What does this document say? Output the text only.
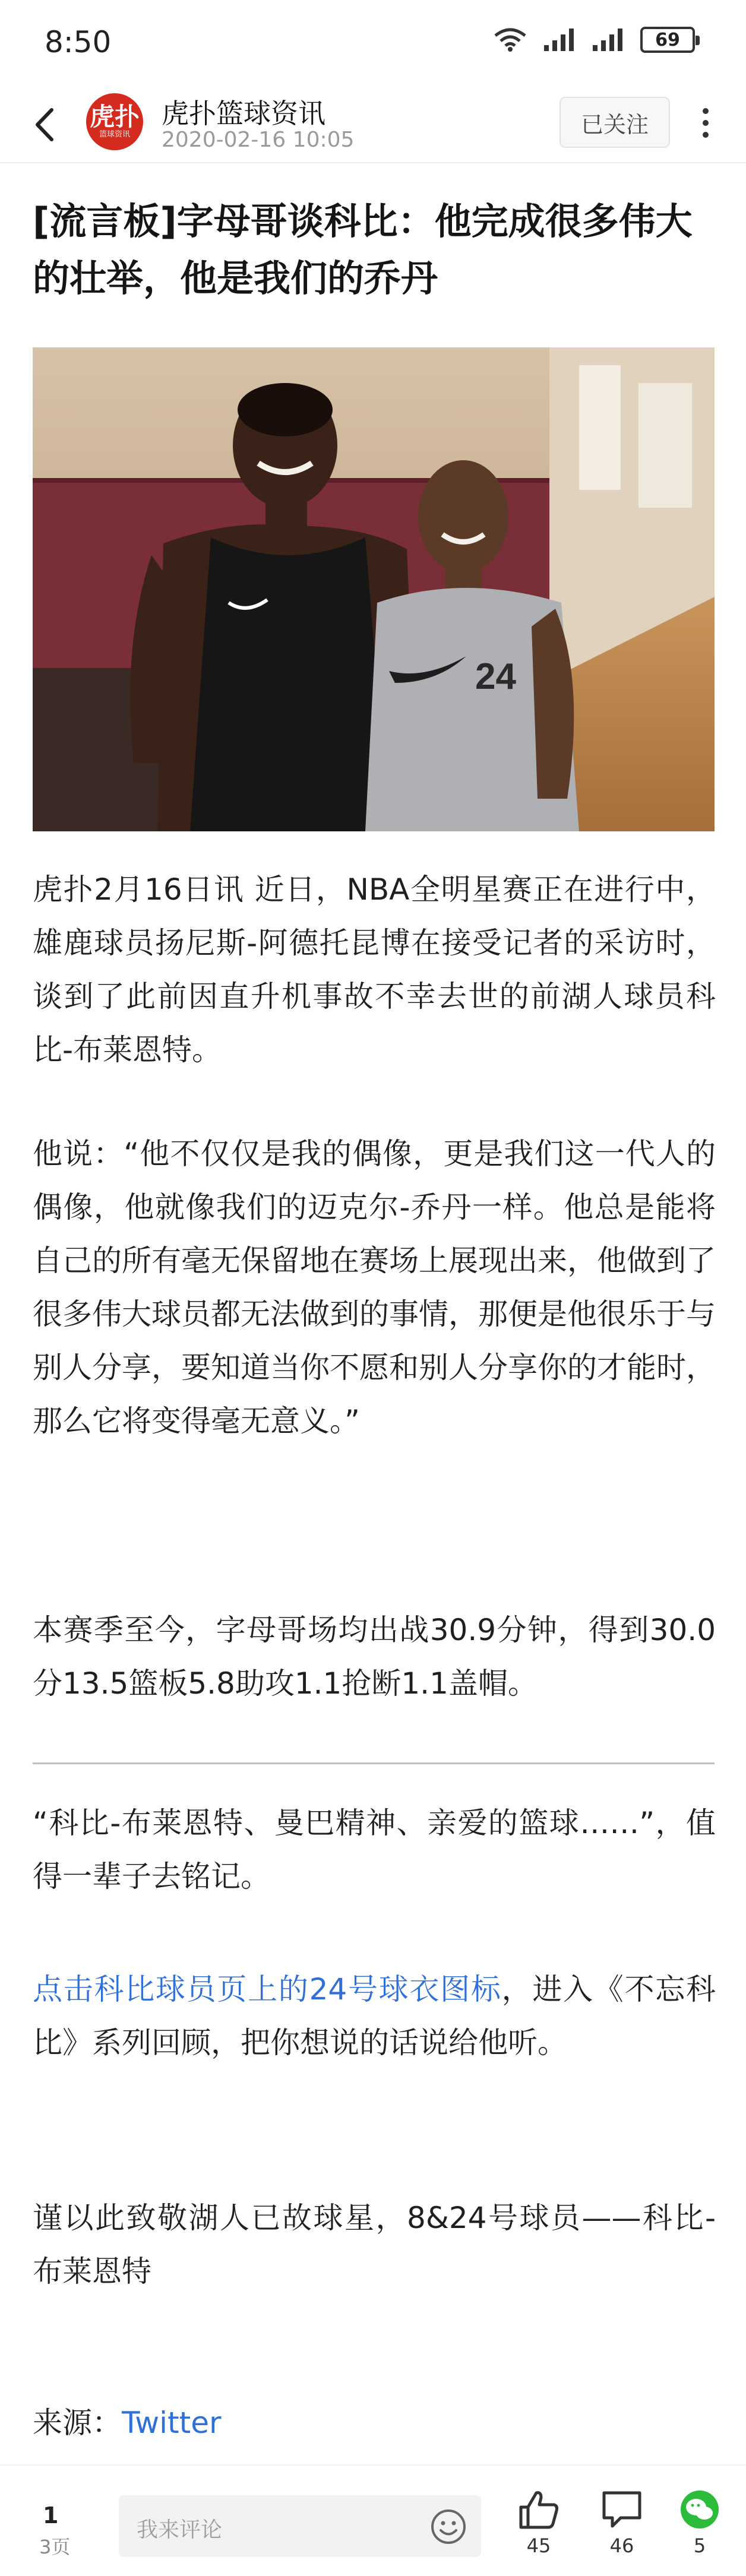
8:50	69
虎扑
篮球资讯
虎扑篮球资讯
2020-02-16 10:05
已关注
[流言板]字母哥谈科比：他完成很多伟大的壮举，他是我们的乔丹
24

虎扑2月16日讯 近日，NBA全明星赛正在进行中，雄鹿球员扬尼斯-阿德托昆博在接受记者的采访时，谈到了此前因直升机事故不幸去世的前湖人球员科比-布莱恩特。

他说：“他不仅仅是我的偶像，更是我们这一代人的偶像，他就像我们的迈克尔-乔丹一样。他总是能将自己的所有毫无保留地在赛场上展现出来，他做到了很多伟大球员都无法做到的事情，那便是他很乐于与别人分享，要知道当你不愿和别人分享你的才能时，那么它将变得毫无意义。”

本赛季至今，字母哥场均出战30.9分钟，得到30.0分13.5篮板5.8助攻1.1抢断1.1盖帽。

“科比-布莱恩特、曼巴精神、亲爱的篮球……”，值得一辈子去铭记。

点击科比球员页上的24号球衣图标，进入《不忘科比》系列回顾，把你想说的话说给他听。

谨以此致敬湖人已故球星，8&24号球员——科比-布莱恩特

来源：Twitter

1
3页
我来评论
45	46	5
